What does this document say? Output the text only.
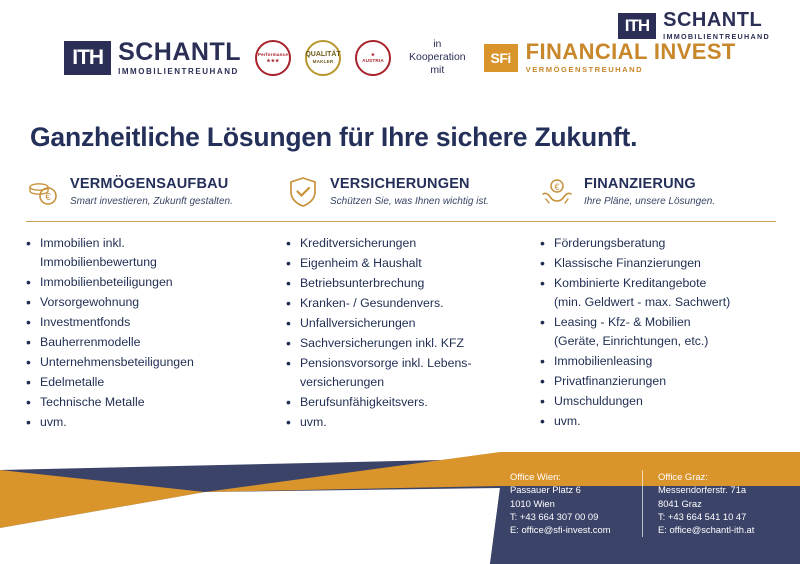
ITH SCHANTL
IMMOBILIENTREUHAND
ITH SCHANTL
IMMOBILIENTREUHAND
Performance
★★★
QUALITÄT
MAKLER
★
AUSTRIA
in
Kooperation
mit
SFi FINANCIAL INVEST
VERMÖGENSTREUHAND
Ganzheitliche Lösungen für Ihre sichere Zukunft.
€
VERMÖGENSAUFBAU
Smart investieren, Zukunft gestalten.
VERSICHERUNGEN
Schützen Sie, was Ihnen wichtig ist.
€ FINANZIERUNG
Ihre Pläne, unsere Lösungen.
• Immobilien inkl.
Immobilienbewertung
• Immobilienbeteiligungen
• Vorsorgewohnung
• Investmentfonds
• Bauherrenmodelle
• Unternehmensbeteiligungen
• Edelmetalle
• Technische Metalle
• uvm.
• Kreditversicherungen
• Eigenheim & Haushalt
• Betriebsunterbrechung
• Kranken- / Gesundenvers.
• Unfallversicherungen
• Sachversicherungen inkl. KFZ
• Pensionsvorsorge inkl. Lebens-
versicherungen
• Berufsunfähigkeitsvers.
• uvm.
• Förderungsberatung
• Klassische Finanzierungen
• Kombinierte Kreditangebote
(min. Geldwert - max. Sachwert)
• Leasing - Kfz- & Mobilien
(Geräte, Einrichtungen, etc.)
• Immobilienleasing
• Privatfinanzierungen
• Umschuldungen
• uvm.
Office Wien:
Passauer Platz 6
1010 Wien
T: +43 664 307 00 09
E: office@sfi-invest.com
Office Graz:
Messendorferstr. 71a
8041 Graz
T: +43 664 541 10 47
E: office@schantl-ith.at
